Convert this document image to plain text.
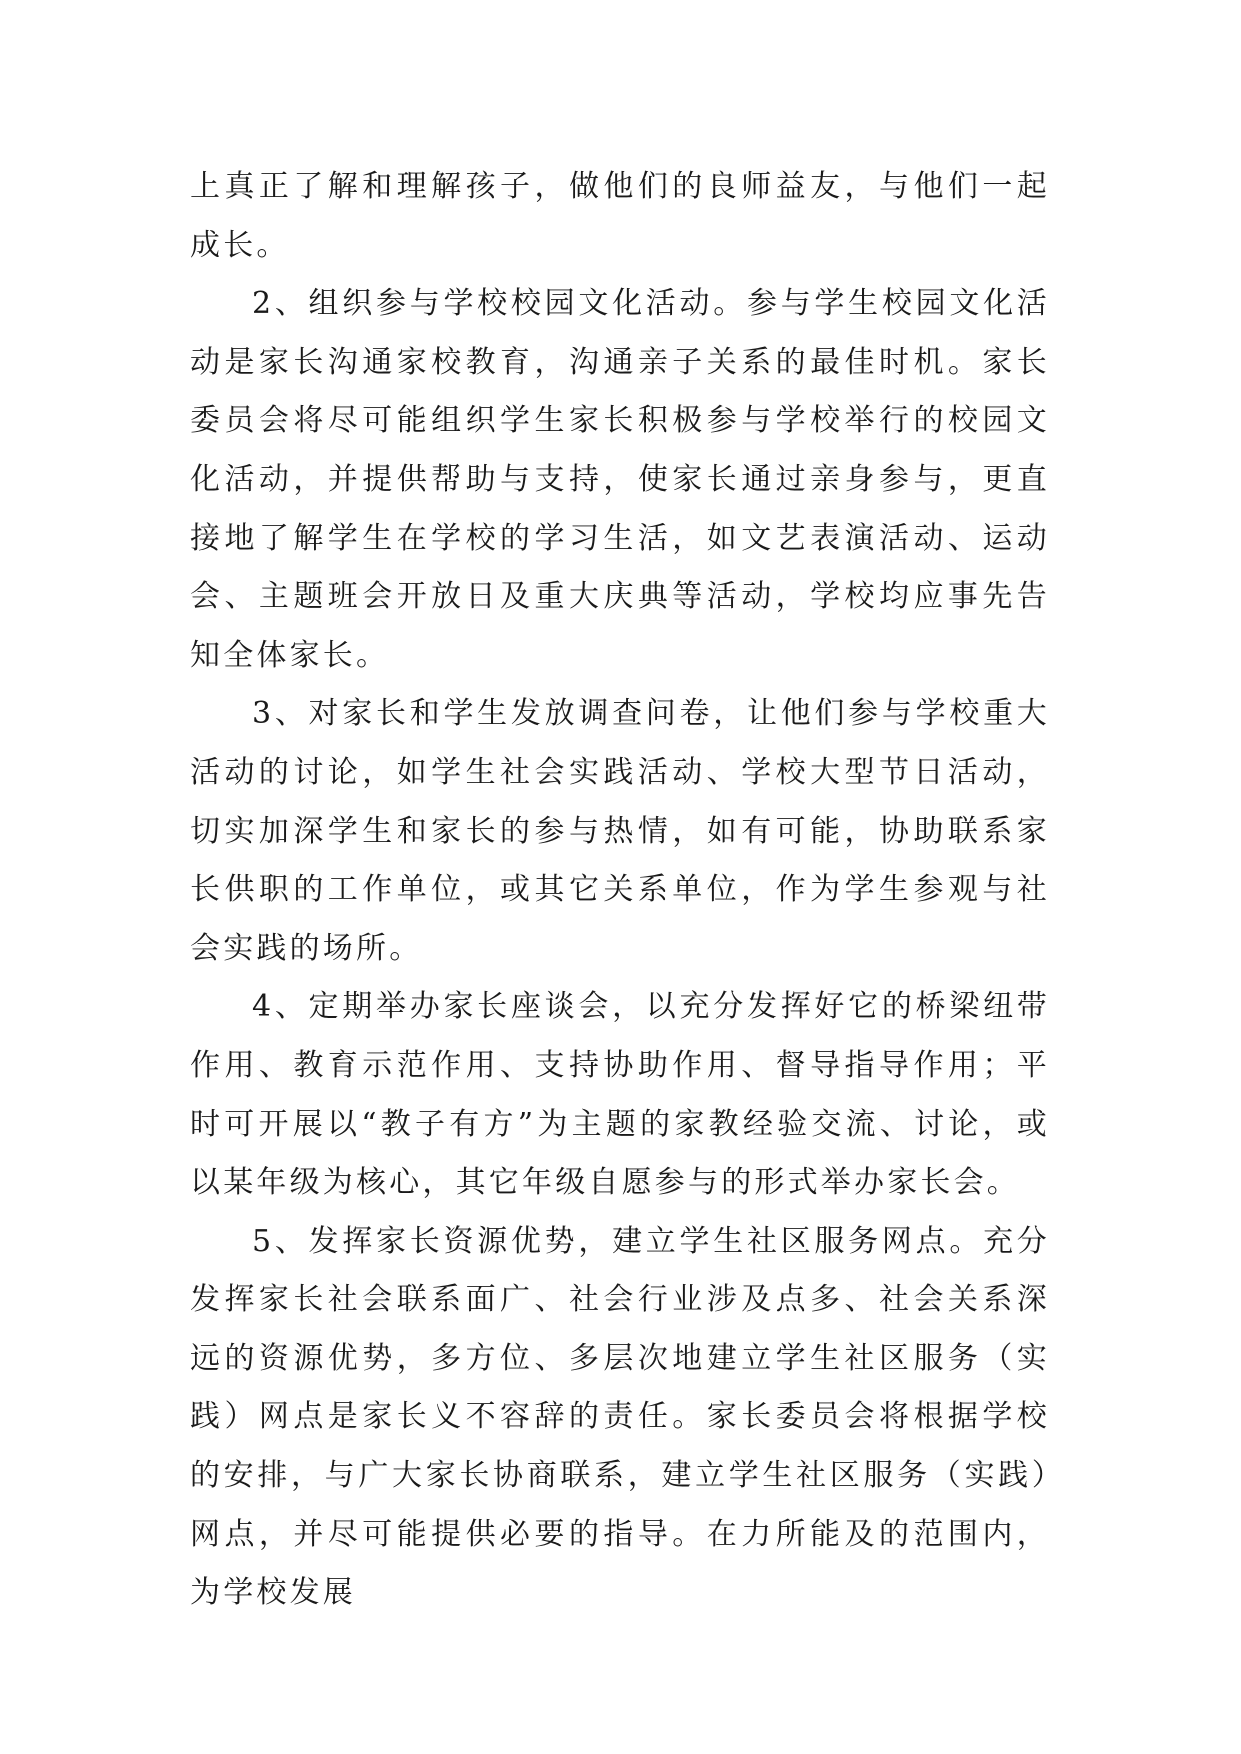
上真正了解和理解孩子，做他们的良师益友，与他们一起成长。

2、组织参与学校校园文化活动。参与学生校园文化活动是家长沟通家校教育，沟通亲子关系的最佳时机。家长委员会将尽可能组织学生家长积极参与学校举行的校园文化活动，并提供帮助与支持，使家长通过亲身参与，更直接地了解学生在学校的学习生活，如文艺表演活动、运动会、主题班会开放日及重大庆典等活动，学校均应事先告知全体家长。

3、对家长和学生发放调查问卷，让他们参与学校重大活动的讨论，如学生社会实践活动、学校大型节日活动，切实加深学生和家长的参与热情，如有可能，协助联系家长供职的工作单位，或其它关系单位，作为学生参观与社会实践的场所。

4、定期举办家长座谈会，以充分发挥好它的桥梁纽带作用、教育示范作用、支持协助作用、督导指导作用；平时可开展以“教子有方”为主题的家教经验交流、讨论，或以某年级为核心，其它年级自愿参与的形式举办家长会。

5、发挥家长资源优势，建立学生社区服务网点。充分发挥家长社会联系面广、社会行业涉及点多、社会关系深远的资源优势，多方位、多层次地建立学生社区服务（实践）网点是家长义不容辞的责任。家长委员会将根据学校的安排，与广大家长协商联系，建立学生社区服务（实践）网点，并尽可能提供必要的指导。在力所能及的范围内，为学校发展
